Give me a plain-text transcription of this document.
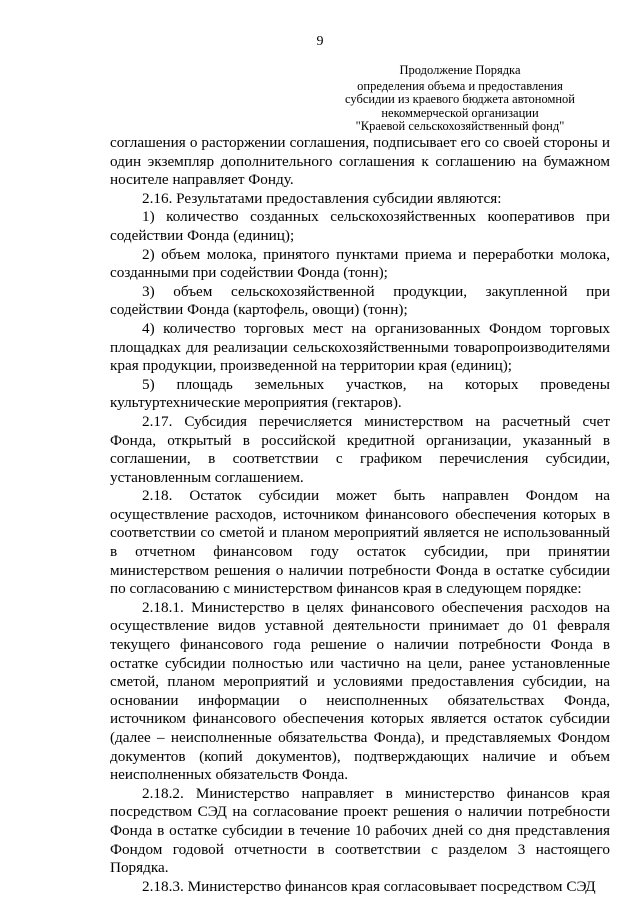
9
Продолжение Порядка
определения объема и предоставления
субсидии из краевого бюджета автономной
некоммерческой организации
"Краевой сельскохозяйственный фонд"

соглашения о расторжении соглашения, подписывает его со своей стороны и один экземпляр дополнительного соглашения к соглашению на бумажном носителе направляет Фонду.

2.16. Результатами предоставления субсидии являются:

1) количество созданных сельскохозяйственных кооперативов при содействии Фонда (единиц);

2) объем молока, принятого пунктами приема и переработки молока, созданными при содействии Фонда (тонн);

3) объем сельскохозяйственной продукции, закупленной при содействии Фонда (картофель, овощи) (тонн);

4) количество торговых мест на организованных Фондом торговых площадках для реализации сельскохозяйственными товаропроизводителями края продукции, произведенной на территории края (единиц);

5) площадь земельных участков, на которых проведены культуртехнические мероприятия (гектаров).

2.17. Субсидия перечисляется министерством на расчетный счет Фонда, открытый в российской кредитной организации, указанный в соглашении, в соответствии с графиком перечисления субсидии, установленным соглашением.

2.18. Остаток субсидии может быть направлен Фондом на осуществление расходов, источником финансового обеспечения которых в соответствии со сметой и планом мероприятий является не использованный в отчетном финансовом году остаток субсидии, при принятии министерством решения о наличии потребности Фонда в остатке субсидии по согласованию с министерством финансов края в следующем порядке:

2.18.1. Министерство в целях финансового обеспечения расходов на осуществление видов уставной деятельности принимает до 01 февраля текущего финансового года решение о наличии потребности Фонда в остатке субсидии полностью или частично на цели, ранее установленные сметой, планом мероприятий и условиями предоставления субсидии, на основании информации о неисполненных обязательствах Фонда, источником финансового обеспечения которых является остаток субсидии (далее – неисполненные обязательства Фонда), и представляемых Фондом документов (копий документов), подтверждающих наличие и объем неисполненных обязательств Фонда.

2.18.2. Министерство направляет в министерство финансов края посредством СЭД на согласование проект решения о наличии потребности Фонда в остатке субсидии в течение 10 рабочих дней со дня представления Фондом годовой отчетности в соответствии с разделом 3 настоящего Порядка.

2.18.3. Министерство финансов края согласовывает посредством СЭД
